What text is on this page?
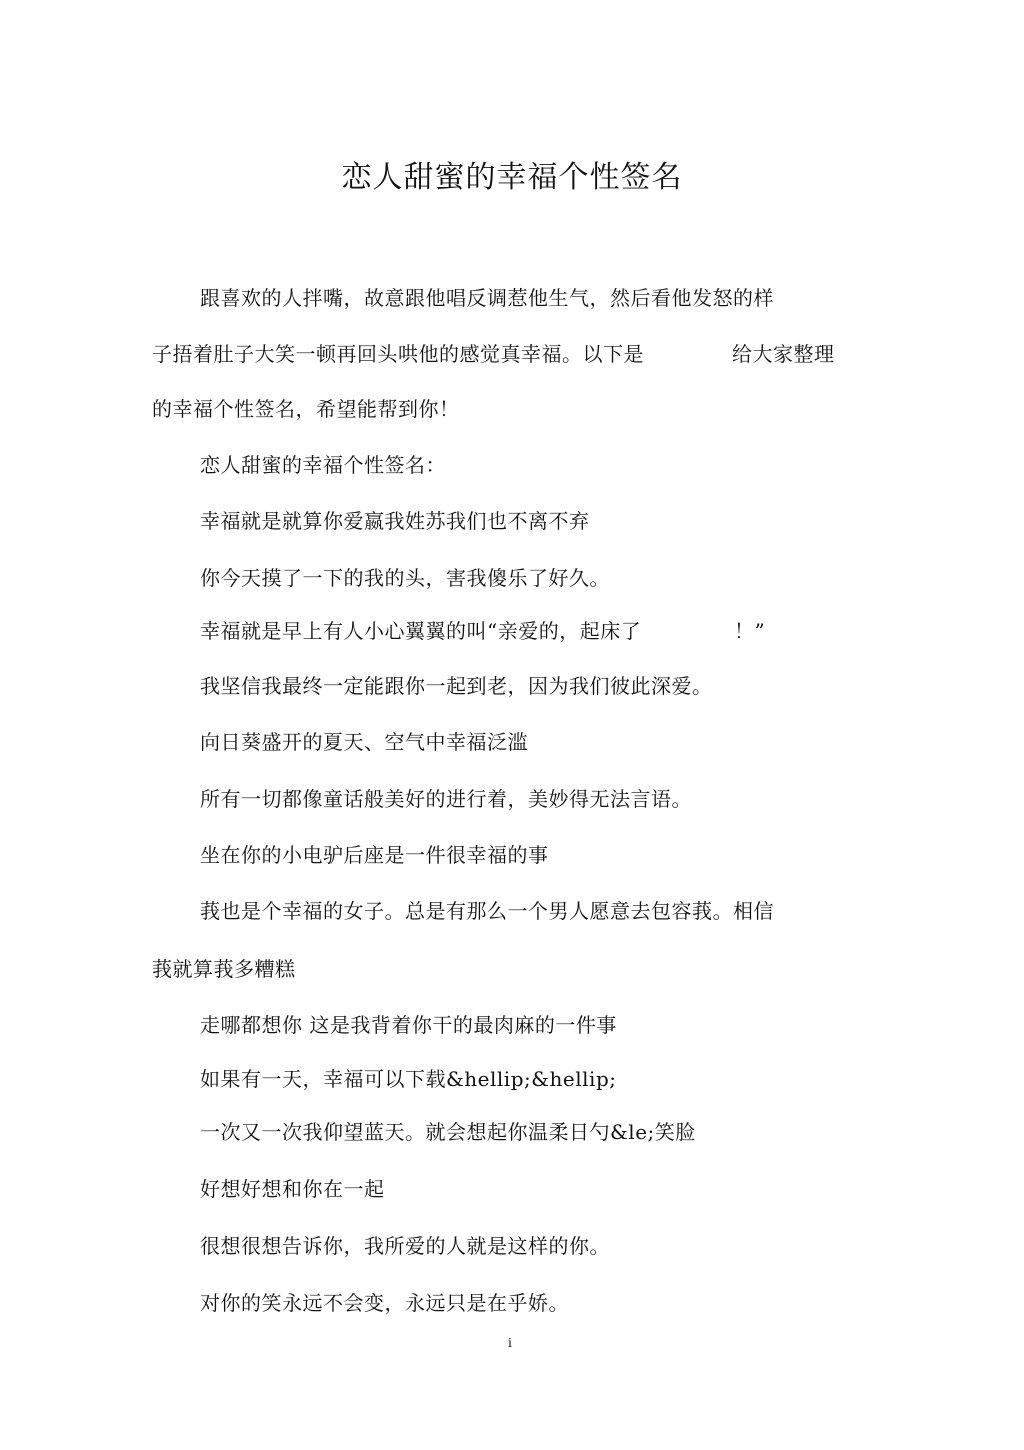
恋人甜蜜的幸福个性签名
跟喜欢的人拌嘴，故意跟他唱反调惹他生气，然后看他发怒的样
子捂着肚子大笑一顿再回头哄他的感觉真幸福。以下是	给大家整理
的幸福个性签名，希望能帮到你！
恋人甜蜜的幸福个性签名：
幸福就是就算你爱嬴我姓苏我们也不离不弃
你今天摸了一下的我的头，害我傻乐了好久。
幸福就是早上有人小心翼翼的叫“亲爱的，起床了	！”
我坚信我最终一定能跟你一起到老，因为我们彼此深爱。
向日葵盛开的夏天、空气中幸福泛滥
所有一切都像童话般美好的进行着，美妙得无法言语。
坐在你的小电驴后座是一件很幸福的事
莪也是个幸福的女子。总是有那么一个男人愿意去包容莪。相信
莪就算莪多糟糕
走哪都想你 这是我背着你干的最肉麻的一件事
如果有一天，幸福可以下载&hellip;&hellip;
一次又一次我仰望蓝天。就会想起你温柔日勺&le;笑脸
好想好想和你在一起
很想很想告诉你，我所爱的人就是这样的你。
对你的笑永远不会变，永远只是在乎娇。
i
